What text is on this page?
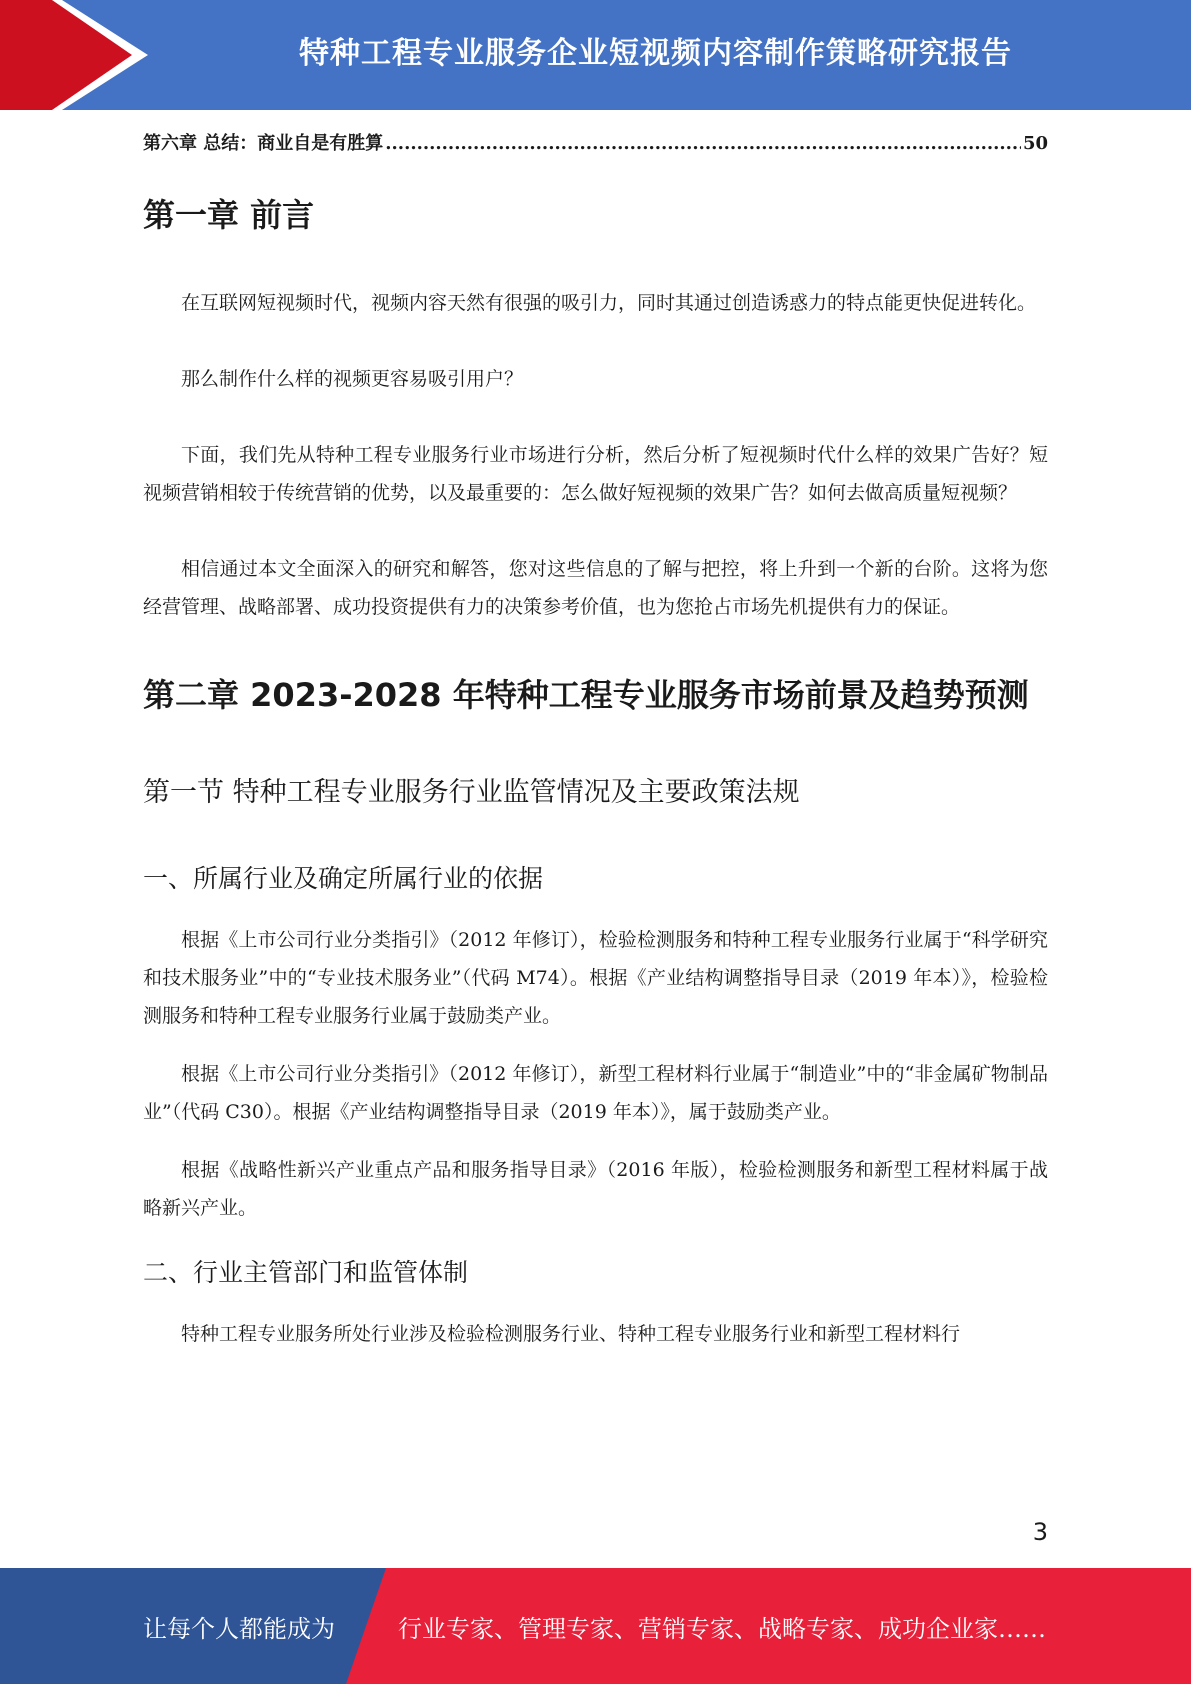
特种工程专业服务企业短视频内容制作策略研究报告
第六章 总结：商业自是有胜算
.....	50
第一章 前言

在互联网短视频时代，视频内容天然有很强的吸引力，同时其通过创造诱惑力的特点能更快促进转化。

那么制作什么样的视频更容易吸引用户？

下面，我们先从特种工程专业服务行业市场进行分析，然后分析了短视频时代什么样的效果广告好？短视频营销相较于传统营销的优势，以及最重要的：怎么做好短视频的效果广告？如何去做高质量短视频？

相信通过本文全面深入的研究和解答，您对这些信息的了解与把控，将上升到一个新的台阶。这将为您经营管理、战略部署、成功投资提供有力的决策参考价值，也为您抢占市场先机提供有力的保证。

第二章 2023-2028 年特种工程专业服务市场前景及趋势预测
第一节 特种工程专业服务行业监管情况及主要政策法规
一、所属行业及确定所属行业的依据

根据《上市公司行业分类指引》（2012 年修订），检验检测服务和特种工程专业服务行业属于“科学研究和技术服务业”中的“专业技术服务业”（代码 M74）。根据《产业结构调整指导目录（2019 年本）》，检验检测服务和特种工程专业服务行业属于鼓励类产业。

根据《上市公司行业分类指引》（2012 年修订），新型工程材料行业属于“制造业”中的“非金属矿物制品业”（代码 C30）。根据《产业结构调整指导目录（2019 年本）》，属于鼓励类产业。

根据《战略性新兴产业重点产品和服务指导目录》（2016 年版），检验检测服务和新型工程材料属于战略新兴产业。

二、行业主管部门和监管体制

特种工程专业服务所处行业涉及检验检测服务行业、特种工程专业服务行业和新型工程材料行

3
让每个人都能成为	行业专家、管理专家、营销专家、战略专家、成功企业家……
